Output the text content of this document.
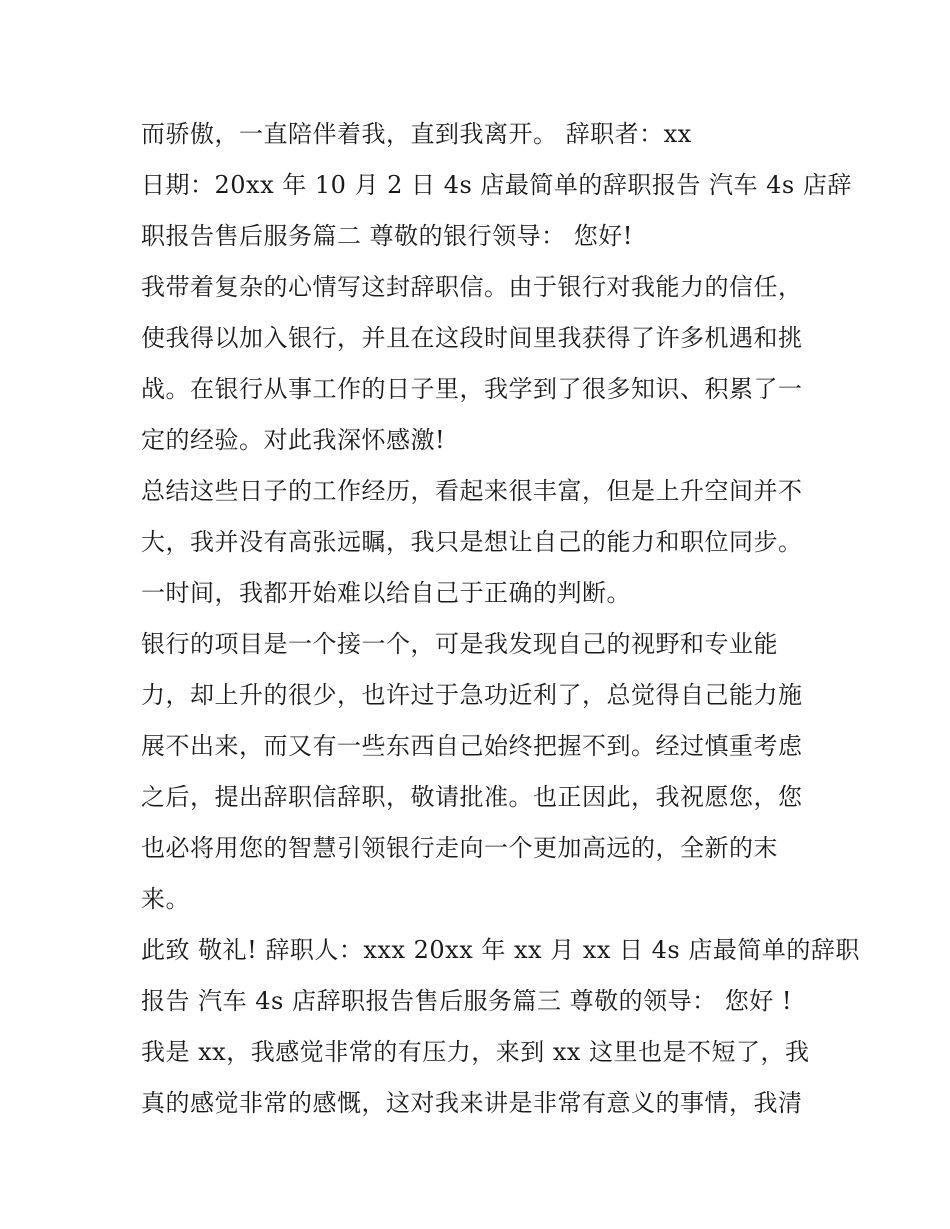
而骄傲，一直陪伴着我，直到我离开。 辞职者：xx
日期：20xx 年 10 月 2 日 4s 店最简单的辞职报告 汽车 4s 店辞
职报告售后服务篇二 尊敬的银行领导： 您好!
我带着复杂的心情写这封辞职信。由于银行对我能力的信任，
使我得以加入银行，并且在这段时间里我获得了许多机遇和挑
战。在银行从事工作的日子里，我学到了很多知识、积累了一
定的经验。对此我深怀感激!
总结这些日子的工作经历，看起来很丰富，但是上升空间并不
大，我并没有高张远瞩，我只是想让自己的能力和职位同步。
一时间，我都开始难以给自己于正确的判断。
银行的项目是一个接一个，可是我发现自己的视野和专业能
力，却上升的很少，也许过于急功近利了，总觉得自己能力施
展不出来，而又有一些东西自己始终把握不到。经过慎重考虑
之后，提出辞职信辞职，敬请批准。也正因此，我祝愿您，您
也必将用您的智慧引领银行走向一个更加高远的，全新的末
来。
此致 敬礼! 辞职人：xxx 20xx 年 xx 月 xx 日 4s 店最简单的辞职
报告 汽车 4s 店辞职报告售后服务篇三 尊敬的领导： 您好 !
我是 xx，我感觉非常的有压力，来到 xx 这里也是不短了，我
真的感觉非常的感慨，这对我来讲是非常有意义的事情，我清
